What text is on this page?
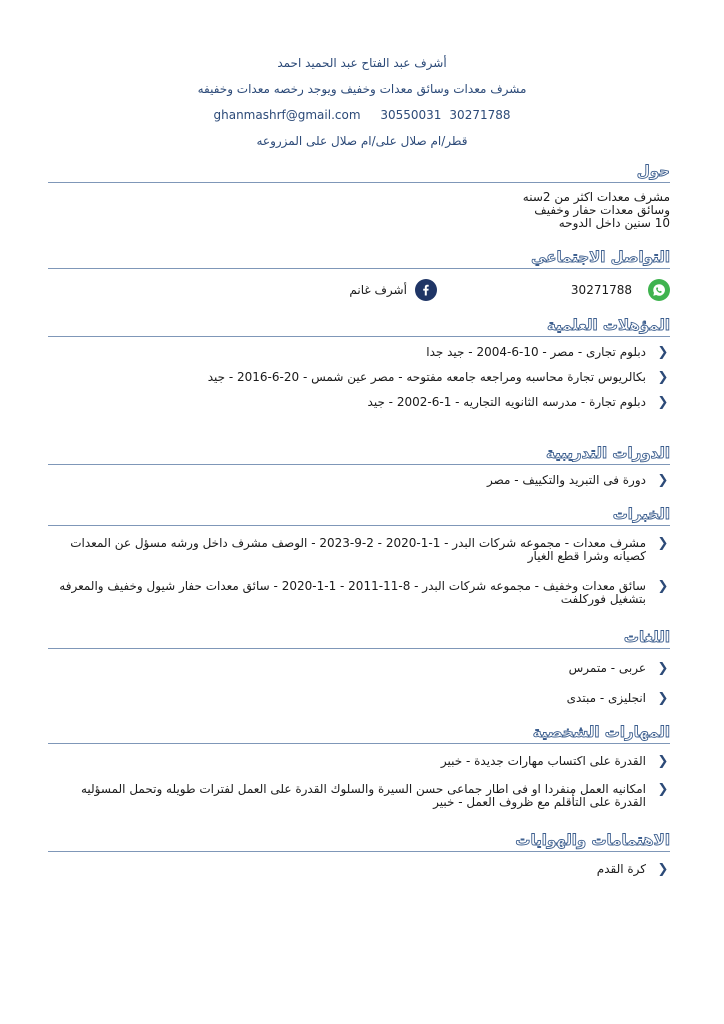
أشرف عبد الفتاح عبد الحميد احمد
مشرف معدات وسائق معدات وخفيف ويوجد رخصه معدات وخفيفه
ghanmashrf@gmail.com 30550031 30271788
قطر/ام صلال على/ام صلال على المزروعه
حول
مشرف معدات اكثر من 2سنه
وسائق معدات حفار وخفيف
10 سنين داخل الدوحه
التواصل الاجتماعي
30271788
أشرف غانم
المؤهلات العلمية
❮
دبلوم تجارى - مصر - 10-6-2004 - جيد جدا
❮
بكالريوس تجارة محاسبه ومراجعه جامعه مفتوحه - مصر عين شمس - 20-6-2016 - جيد
❮
دبلوم تجارة - مدرسه الثانويه التجاريه - 1-6-2002 - جيد
الدورات التدريبية
❮
دورة فى التبريد والتكييف - مصر
الخبرات
❮
مشرف معدات - مجموعه شركات البدر - 1-1-2020 - 2-9-2023 - الوصف مشرف داخل ورشه مسؤل عن المعدات كصيانه وشرا قطع الغيار
❮
سائق معدات وخفيف - مجموعه شركات البدر - 8-11-2011 - 1-1-2020 - سائق معدات حفار شيول وخفيف والمعرفه بتشغيل فوركلفت
اللغات
❮
عربى - متمرس
❮
انجليزى - مبتدى
المهارات الشخصية
❮
القدرة على اكتساب مهارات جديدة - خبير
❮
امكانيه العمل منفردا او فى اطار جماعى حسن السيرة والسلوك القدرة على العمل لفترات طويله وتحمل المسؤليه القدرة على التأقلم مع ظروف العمل - خبير
الاهتمامات والهوايات
❮
كرة القدم
